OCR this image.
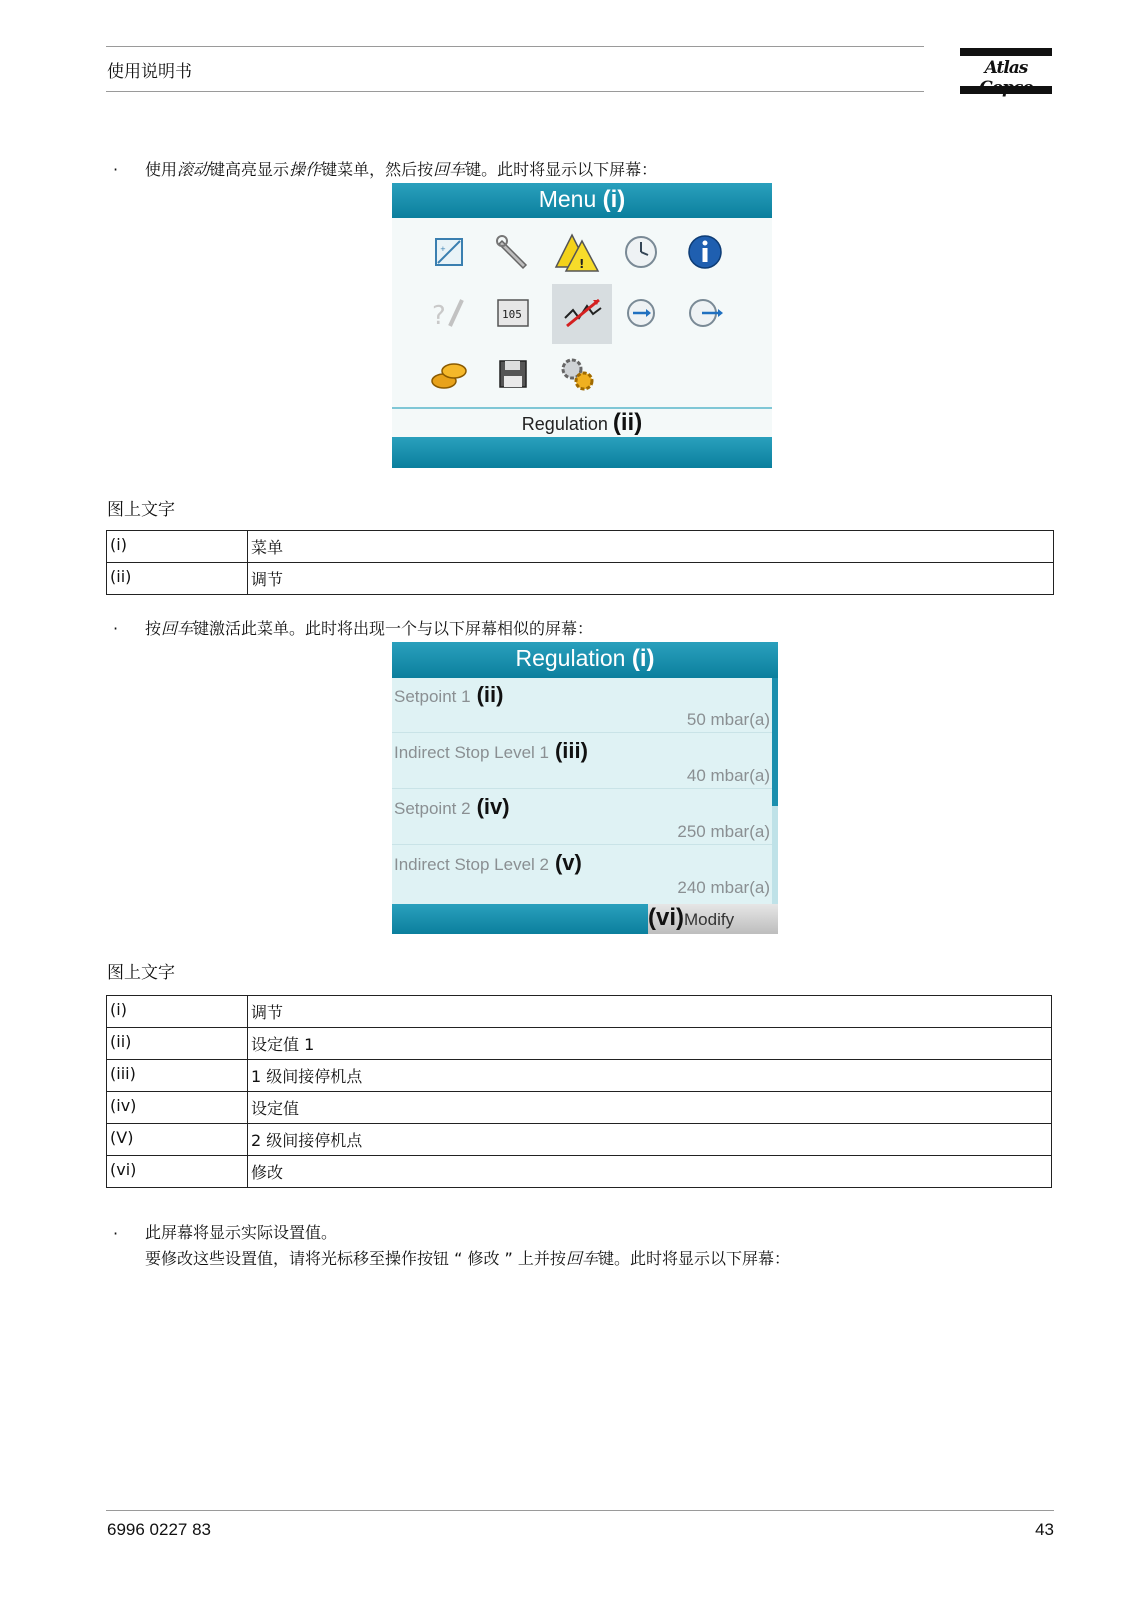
使用说明书	Atlas
· 使用滚动键高亮显示操作键菜单，然后按回车键。此时将显示以下屏幕：
Menu (i)
+
!
?	105
Regulation (ii)
图上文字
(i)	菜单
(ii)	调节
· 按回车键激活此菜单。此时将出现一个与以下屏幕相似的屏幕：
Regulation (i)
Setpoint 1 (ii)
50 mbar(a)
Indirect Stop Level 1 (iii)
40 mbar(a)
Setpoint 2 (iv)
250 mbar(a)
Indirect Stop Level 2 (v)
240 mbar(a)
(vi)Modify
图上文字
(i)	调节
(ii)	设定值 1
(iii)	1 级间接停机点
(iv)	设定值
(V)	2 级间接停机点
(vi)	修改
· 此屏幕将显示实际设置值。
要修改这些设置值，请将光标移至操作按钮 “ 修改 ” 上并按回车键。此时将显示以下屏幕：
6996 0227 83	43
